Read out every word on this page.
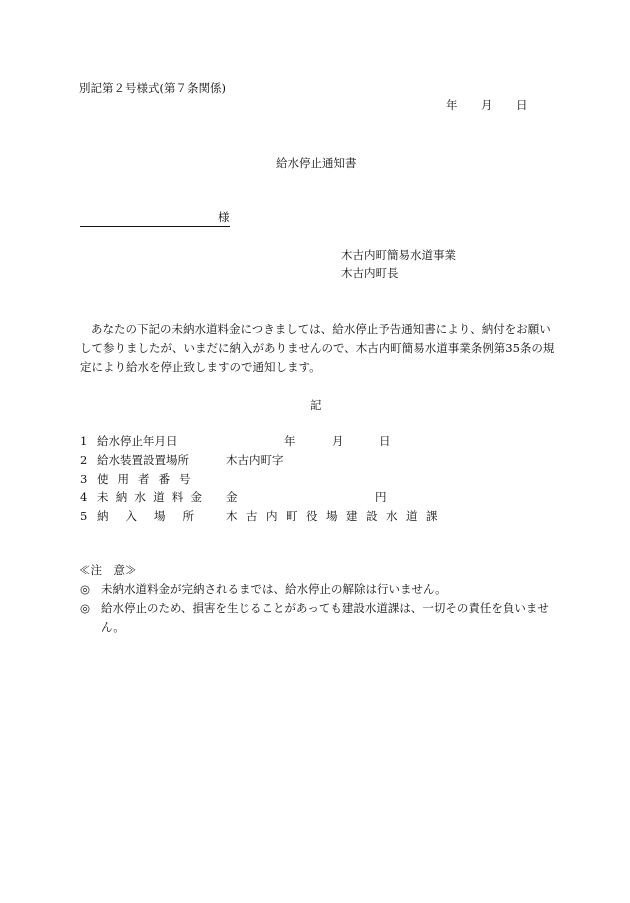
別記第２号様式(第７条関係)
年 月 日
給水停止通知書
様
木古内町簡易水道事業
木古内町長
あなたの下記の未納水道料金につきましては、給水停止予告通知書により、納付をお願い
して参りましたが、いまだに納入がありませんので、木古内町簡易水道事業条例第35条の規
定により給水を停止致しますので通知します。
記
1 給水停止年月日	年	月	日
2 給水装置設置場所	木古内町字
3 使用者番号
4 未納水道料金 金	円
5 納入場所 木古内町役場建設水道課
≪注　意≫
◎ 未納水道料金が完納されるまでは、給水停止の解除は行いません。
◎ 給水停止のため、損害を生じることがあっても建設水道課は、一切その責任を負いませ
ん。
